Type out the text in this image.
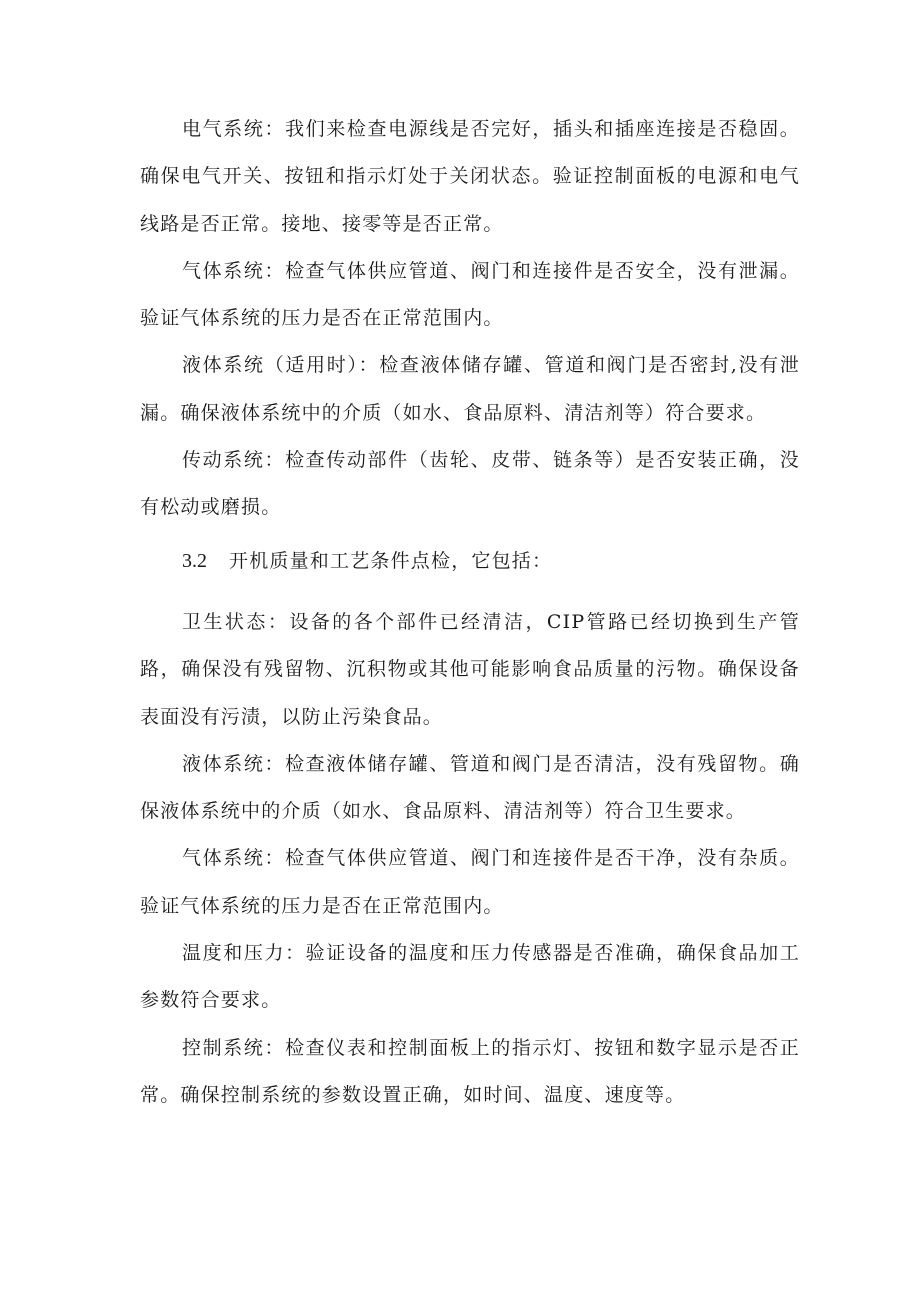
电气系统：我们来检查电源线是否完好，插头和插座连接是否稳固。确保电气开关、按钮和指示灯处于关闭状态。验证控制面板的电源和电气线路是否正常。接地、接零等是否正常。

气体系统：检查气体供应管道、阀门和连接件是否安全，没有泄漏。验证气体系统的压力是否在正常范围内。

液体系统（适用时）：检查液体储存罐、管道和阀门是否密封,没有泄漏。确保液体系统中的介质（如水、食品原料、清洁剂等）符合要求。

传动系统：检查传动部件（齿轮、皮带、链条等）是否安装正确，没有松动或磨损。

3.2 开机质量和工艺条件点检，它包括：

卫生状态：设备的各个部件已经清洁，CIP管路已经切换到生产管路，确保没有残留物、沉积物或其他可能影响食品质量的污物。确保设备表面没有污渍，以防止污染食品。

液体系统：检查液体储存罐、管道和阀门是否清洁，没有残留物。确保液体系统中的介质（如水、食品原料、清洁剂等）符合卫生要求。

气体系统：检查气体供应管道、阀门和连接件是否干净，没有杂质。验证气体系统的压力是否在正常范围内。

温度和压力：验证设备的温度和压力传感器是否准确，确保食品加工参数符合要求。

控制系统：检查仪表和控制面板上的指示灯、按钮和数字显示是否正常。确保控制系统的参数设置正确，如时间、温度、速度等。
